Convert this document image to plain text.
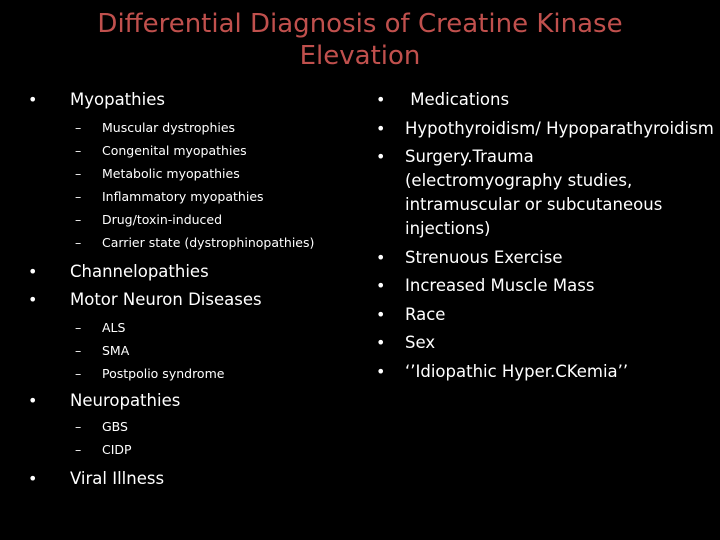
Differential Diagnosis of Creatine Kinase
Elevation
• Myopathies
– Muscular dystrophies
– Congenital myopathies
– Metabolic myopathies
– Inflammatory myopathies
– Drug/toxin-induced
– Carrier state (dystrophinopathies)
• Channelopathies
• Motor Neuron Diseases
– ALS
– SMA
– Postpolio syndrome
• Neuropathies
– GBS
– CIDP
• Viral Illness
• Medications
• Hypothyroidism/ Hypoparathyroidism
• Surgery.Trauma (electromyography studies, intramuscular or subcutaneous injections)
• Strenuous Exercise
• Increased Muscle Mass
• Race
• Sex
• ‘’Idiopathic Hyper.CKemia’’
